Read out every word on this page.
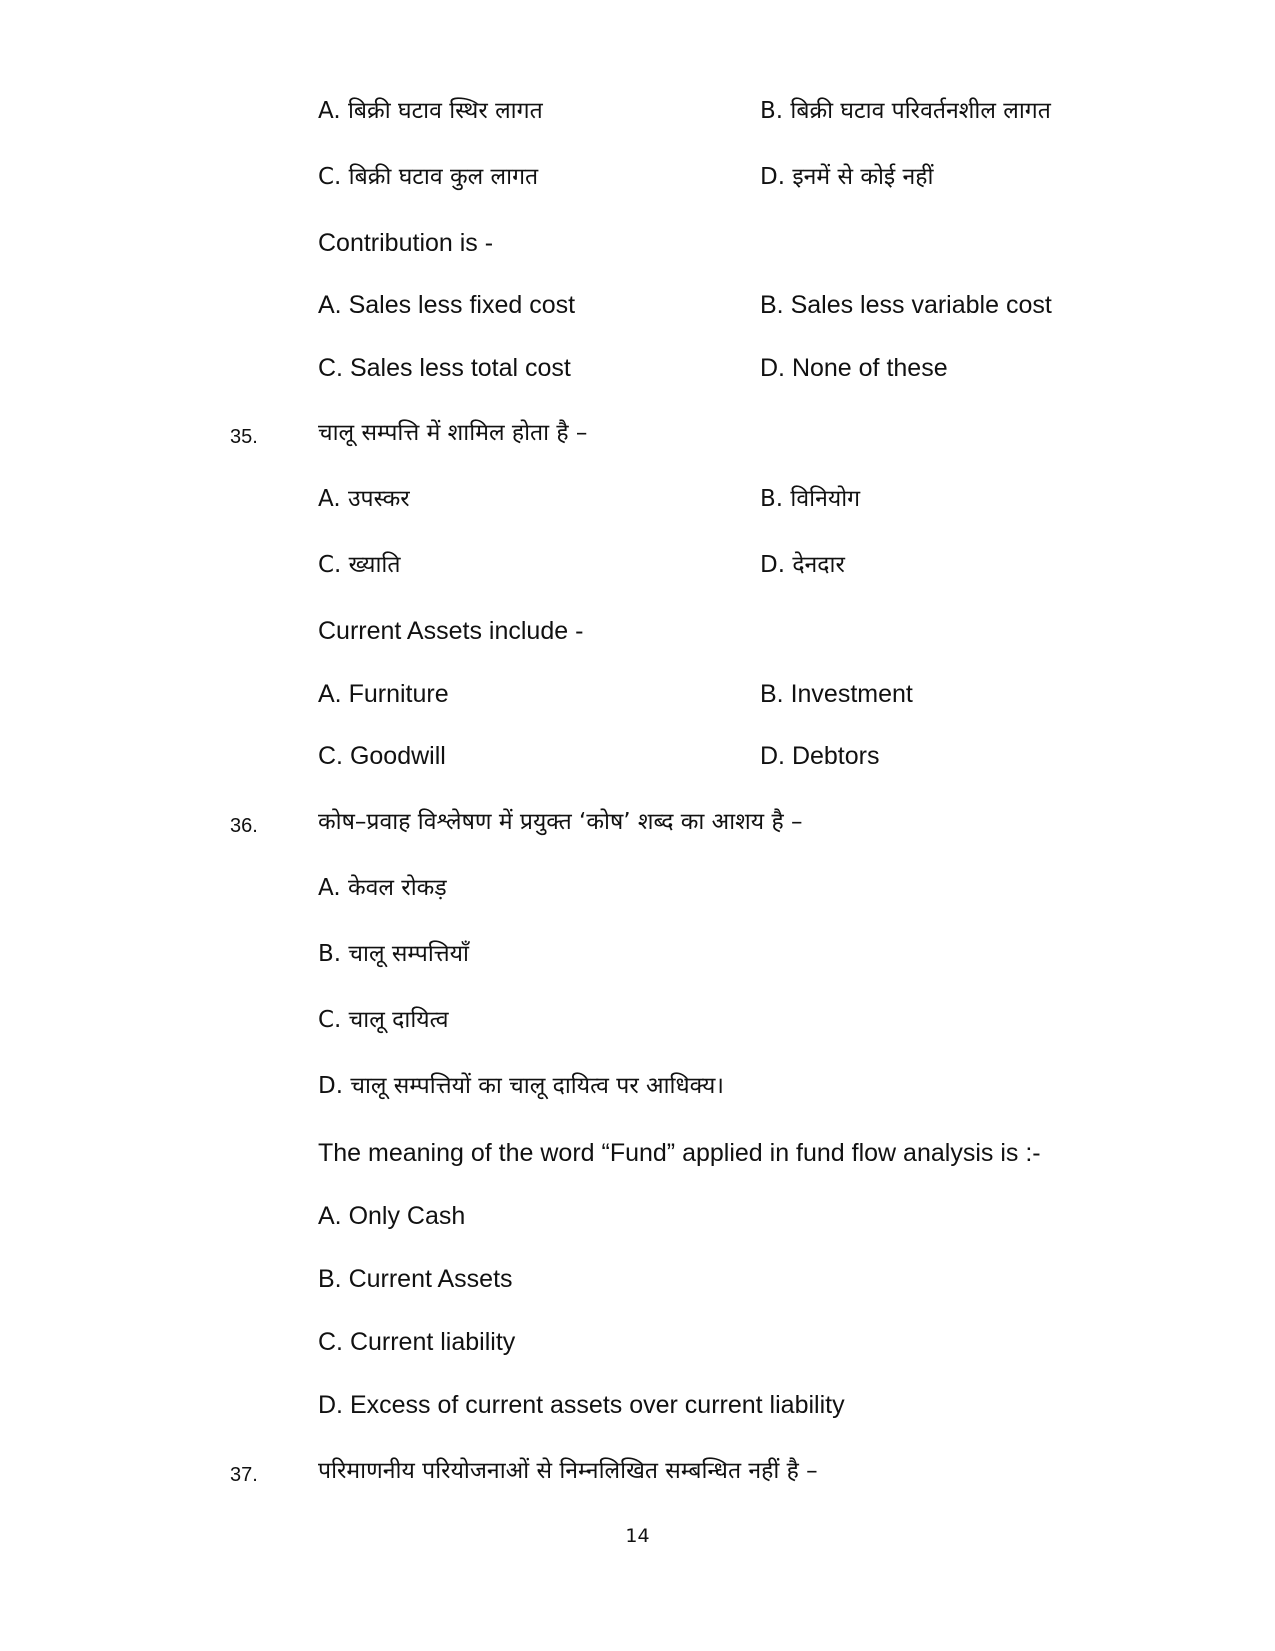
A. बिक्री घटाव स्थिर लागत	B. बिक्री घटाव परिवर्तनशील लागत
C. बिक्री घटाव कुल लागत	D. इनमें से कोई नहीं
Contribution is -
A. Sales less fixed cost	B. Sales less variable cost
C. Sales less total cost	D. None of these
35.	चालू सम्पत्ति में शामिल होता है –
A. उपस्कर	B. विनियोग
C. ख्याति	D. देनदार
Current Assets include -
A. Furniture	B. Investment
C. Goodwill	D. Debtors
36.	कोष–प्रवाह विश्लेषण में प्रयुक्त ‘कोष’ शब्द का आशय है –
A. केवल रोकड़
B. चालू सम्पत्तियाँ
C. चालू दायित्व
D. चालू सम्पत्तियों का चालू दायित्व पर आधिक्य।
The meaning of the word “Fund” applied in fund flow analysis is :-
A. Only Cash
B. Current Assets
C. Current liability
D. Excess of current assets over current liability
37.	परिमाणनीय परियोजनाओं से निम्नलिखित सम्बन्धित नहीं है –
14
